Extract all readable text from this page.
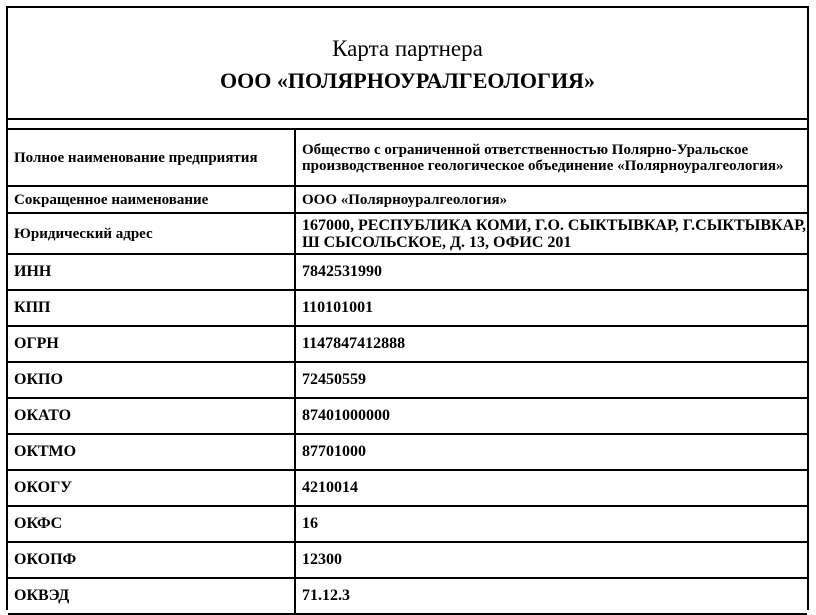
Карта партнера
ООО «ПОЛЯРНОУРАЛГЕОЛОГИЯ»
Полное наименование предприятия	Общество с ограниченной ответственностью Полярно-Уральское производственное геологическое объединение «Полярноуралгеология»
Сокращенное наименование	ООО «Полярноуралгеология»
Юридический адрес	167000, РЕСПУБЛИКА КОМИ, Г.О. СЫКТЫВКАР, Г.СЫКТЫВКАР, Ш СЫСОЛЬСКОЕ, Д. 13, ОФИС 201
ИНН	7842531990
КПП	110101001
ОГРН	1147847412888
ОКПО	72450559
ОКАТО	87401000000
ОКТМО	87701000
ОКОГУ	4210014
ОКФС	16
ОКОПФ	12300
ОКВЭД	71.12.3
